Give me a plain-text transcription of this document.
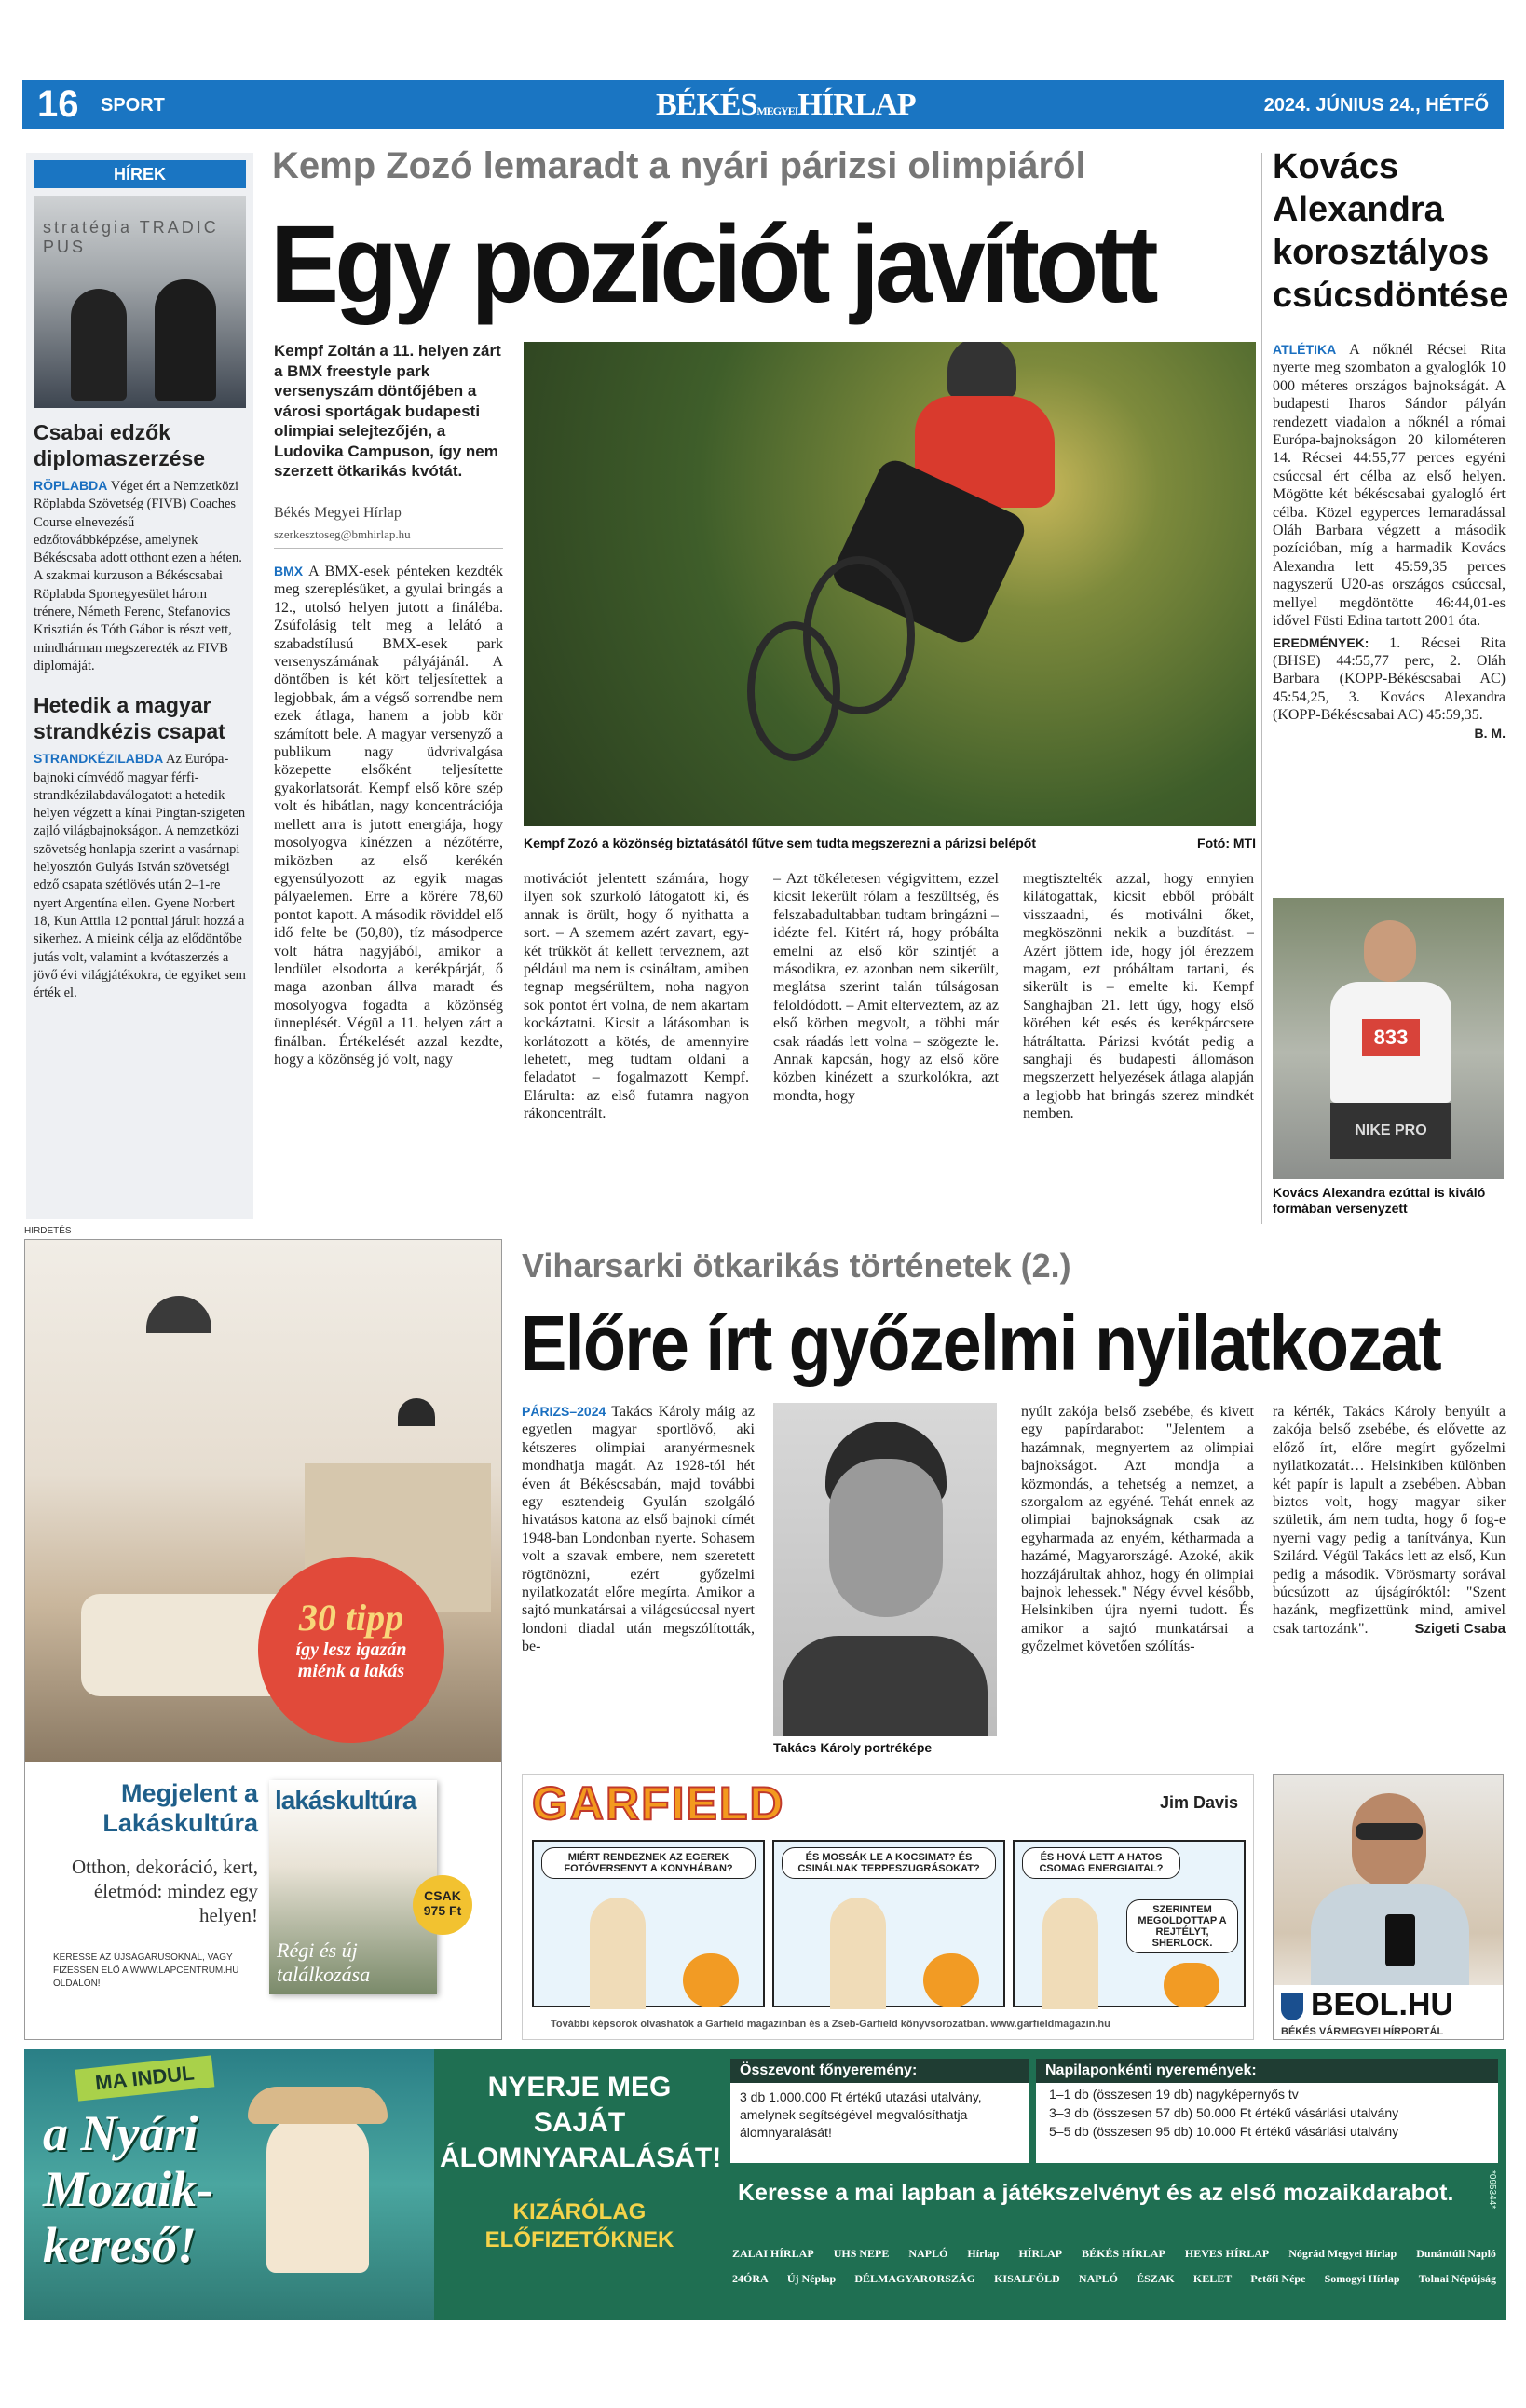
16 SPORT	BÉKÉSMEGYEIHÍRLAP	2024. JÚNIUS 24., HÉTFŐ
HÍREK
stratégia TRADIC PUS
Csabai edzők diplomaszerzése
RÖPLABDA Véget ért a Nemzetközi Röplabda Szövetség (FIVB) Coaches Course elnevezésű edzőtovábbképzése, amelynek Békéscsaba adott otthont ezen a héten. A szakmai kurzuson a Békéscsabai Röplabda Sportegyesület három trénere, Németh Ferenc, Stefanovics Krisztián és Tóth Gábor is részt vett, mindhárman megszerezték az FIVB diplomáját.
Hetedik a magyar strandkézis csapat
STRANDKÉZILABDA Az Európa-bajnoki címvédő magyar férfi-strandkézilabdaválogatott a hetedik helyen végzett a kínai Pingtan-szigeten zajló világbajnokságon. A nemzetközi szövetség honlapja szerint a vasárnapi helyosztón Gulyás István szövetségi edző csapata szétlövés után 2–1-re nyert Argentína ellen. Gyene Norbert 18, Kun Attila 12 ponttal járult hozzá a sikerhez. A mieink célja az elődöntőbe jutás volt, valamint a kvótaszerzés a jövő évi világjátékokra, de egyiket sem érték el.
Kemp Zozó lemaradt a nyári párizsi olimpiáról
Egy pozíciót javított
Kempf Zoltán a 11. helyen zárt a BMX freestyle park versenyszám döntőjében a városi sportágak budapesti olimpiai selejtezőjén, a Ludovika Campuson, így nem szerzett ötkarikás kvótát.
Békés Megyei Hírlap
szerkesztoseg@bmhirlap.hu
BMX A BMX-esek pénteken kezdték meg szereplésüket, a gyulai bringás a 12., utolsó helyen jutott a fináléba. Zsúfolásig telt meg a lelátó a szabadstílusú BMX-esek park versenyszámának pályájánál. A döntőben is két kört teljesítettek a legjobbak, ám a végső sorrendbe nem ezek átlaga, hanem a jobb kör számított bele. A magyar versenyző a publikum nagy üdvrivalgása közepette elsőként teljesítette gyakorlatsorát. Kempf első köre szép volt és hibátlan, nagy koncentrációja mellett arra is jutott energiája, hogy mosolyogva kinézzen a nézőtérre, miközben az első kerékén egyensúlyozott az egyik magas pályaelemen. Erre a körére 78,60 pontot kapott. A második röviddel elő idő felte be (50,80), tíz másodperce volt hátra nagyjából, amikor a lendület elsodorta a kerékpárját, ő maga azonban állva maradt és mosolyogva fogadta a közönség ünneplését. Végül a 11. helyen zárt a finálban. Értékelését azzal kezdte, hogy a közönség jó volt, nagy
Kempf Zozó a közönség biztatásától fűtve sem tudta megszerezni a párizsi belépőt	Fotó: MTI
motivációt jelentett számára, hogy ilyen sok szurkoló látogatott ki, és annak is örült, hogy ő nyithatta a sort. – A szemem azért zavart, egy-két trükköt át kellett terveznem, azt például ma nem is csináltam, amiben tegnap megsérültem, noha nagyon sok pontot ért volna, de nem akartam kockáztatni. Kicsit a látásomban is korlátozott a kötés, de amennyire lehetett, meg tudtam oldani a feladatot – fogalmazott Kempf. Elárulta: az első futamra nagyon rákoncentrált.
– Azt tökéletesen végigvittem, ezzel kicsit lekerült rólam a feszültség, és felszabadultabban tudtam bringázni – idézte fel. Kitért rá, hogy próbálta emelni az első kör szintjét a másodikra, ez azonban nem sikerült, meglátsa szerint talán túlságosan feloldódott. – Amit elterveztem, az az első körben megvolt, a többi már csak ráadás lett volna – szögezte le. Annak kapcsán, hogy az első köre közben kinézett a szurkolókra, azt mondta, hogy
megtisztelték azzal, hogy ennyien kilátogattak, kicsit ebből próbált visszaadni, és motiválni őket, megköszönni nekik a buzdítást. – Azért jöttem ide, hogy jól érezzem magam, ezt próbáltam tartani, és sikerült is – emelte ki. Kempf Sanghajban 21. lett úgy, hogy első körében két esés és kerékpárcsere hátráltatta. Párizsi kvótát pedig a sanghaji és budapesti állomáson megszerzett helyezések átlaga alapján a legjobb hat bringás szerez mindkét nemben.
Kovács Alexandra korosztályos csúcsdöntése
ATLÉTIKA A nőknél Récsei Rita nyerte meg szombaton a gyaloglók 10 000 méteres országos bajnokságát. A budapesti Iharos Sándor pályán rendezett viadalon a nőknél a római Európa-bajnokságon 20 kilométeren 14. Récsei 44:55,77 perces egyéni csúccsal ért célba az első helyen. Mögötte két békéscsabai gyalogló ért célba. Közel egyperces lemaradással Oláh Barbara végzett a második pozícióban, míg a harmadik Kovács Alexandra lett 45:59,35 perces nagyszerű U20-as országos csúccsal, mellyel megdöntötte 46:44,01-es idővel Füsti Edina tartott 2001 óta.

EREDMÉNYEK: 1. Récsei Rita (BHSE) 44:55,77 perc, 2. Oláh Barbara (KOPP-Békéscsabai AC) 45:54,25, 3. Kovács Alexandra (KOPP-Békéscsabai AC) 45:59,35.
B. M.

833
NIKE PRO
Kovács Alexandra ezúttal is kiváló formában versenyzett
HIRDETÉS
30 tipp
így lesz igazán
miénk a lakás
Megjelent a Lakáskultúra
Otthon, dekoráció, kert, életmód: mindez egy helyen!
lakáskultúra
Régi és új találkozása
CSAK
975 Ft
KERESSE AZ ÚJSÁGÁRUSOKNÁL, VAGY FIZESSEN ELŐ A WWW.LAPCENTRUM.HU OLDALON!
Viharsarki ötkarikás történetek (2.)
Előre írt győzelmi nyilatkozat
PÁRIZS–2024 Takács Károly máig az egyetlen magyar sportlövő, aki kétszeres olimpiai aranyérmesnek mondhatja magát. Az 1928-tól hét éven át Békéscsabán, majd további egy esztendeig Gyulán szolgáló hivatásos katona az első bajnoki címét 1948-ban Londonban nyerte. Sohasem volt a szavak embere, nem szeretett rögtönözni, ezért győzelmi nyilatkozatát előre megírta. Amikor a sajtó munkatársai a világcsúccsal nyert londoni diadal után megszólították, be-
Takács Károly portréképe
nyúlt zakója belső zsebébe, és kivett egy papírdarabot: "Jelentem a hazámnak, megnyertem az olimpiai bajnokságot. Azt mondja a közmondás, a tehetség a nemzet, a szorgalom az egyéné. Tehát ennek az olimpiai bajnokságnak csak az egyharmada az enyém, kétharmada a hazámé, Magyarországé. Azoké, akik hozzájárultak ahhoz, hogy én olimpiai bajnok lehessek." Négy évvel később, Helsinkiben újra nyerni tudott. És amikor a sajtó munkatársai a győzelmet követően szólítás-
ra kérték, Takács Károly benyúlt a zakója belső zsebébe, és elővette az előző írt, előre megírt győzelmi nyilatkozatát… Helsinkiben különben két papír is lapult a zsebében. Abban biztos volt, hogy magyar siker születik, ám nem tudta, hogy ő fog-e nyerni vagy pedig a tanítványa, Kun Szilárd. Végül Takács lett az első, Kun pedig a második. Vörösmarty sorával búcsúzott az újságíróktól: "Szent hazánk, megfizettünk mind, amivel csak tartozánk".	Szigeti Csaba
GARFIELD	Jim Davis
MIÉRT RENDEZNEK AZ EGEREK FOTÓVERSENYT A KONYHÁBAN?
ÉS MOSSÁK LE A KOCSIMAT? ÉS CSINÁLNAK TERPESZUGRÁSOKAT?
ÉS HOVÁ LETT A HATOS CSOMAG ENERGIAITAL?
SZERINTEM MEGOLDOTTAP A REJTÉLYT, SHERLOCK.
További képsorok olvashatók a Garfield magazinban és a Zseb-Garfield könyvsorozatban. www.garfieldmagazin.hu
BEOL.HU
BÉKÉS VÁRMEGYEI HÍRPORTÁL
MA INDUL
a Nyári
Mozaik-
kereső!
NYERJE MEG SAJÁT ÁLOMNYARALÁSÁT!
KIZÁRÓLAG
ELŐFIZETŐKNEK
Összevont főnyeremény:
3 db 1.000.000 Ft értékű utazási utalvány, amelynek segítségével megvalósíthatja álomnyaralását!
Napilaponkénti nyeremények:
1–1 db (összesen 19 db) nagyképernyős tv
3–3 db (összesen 57 db) 50.000 Ft értékű vásárlási utalvány
5–5 db (összesen 95 db) 10.000 Ft értékű vásárlási utalvány
Keresse a mai lapban a játékszelvényt és az első mozaikdarabot.	*095344*
ZALAI HÍRLAP UHS NEPE NAPLÓ Hírlap HÍRLAP BÉKÉS HÍRLAP HEVES HÍRLAP Nógrád Megyei Hírlap Dunántúli Napló
24ÓRA Új Néplap DÉLMAGYARORSZÁG KISALFÖLD NAPLÓ ÉSZAK KELET Petőfi Népe Somogyi Hírlap Tolnai Népújság
